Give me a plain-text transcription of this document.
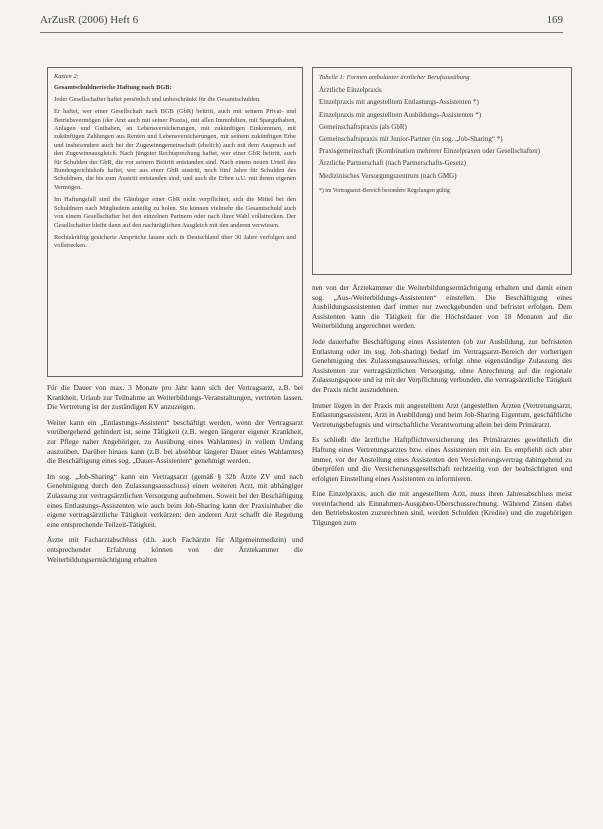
ArZusR (2006) Heft 6	169
Kasten 2:
Gesamtschuldnerische Haftung nach BGB:

Jeder Gesellschafter haftet persönlich und unbeschränkt für die Gesamtschulden.

Er haftet, wer einer Gesellschaft nach BGB (GbR) beitritt, auch mit seinem Privat- und Betriebsvermögen (der Arzt auch mit seiner Praxis), mit allen Immobilien, mit Sparguthaben, Anlagen und Guthaben, an Lebensversicherungen, mit zukünftigen Einkommen, mit zukünftigen Zahlungen aus Renten und Lebensversicherungen, mit seinem zukünftigen Erbe und insbesondere auch bei der Zugewinngemeinschaft (ehelich) auch mit dem Anspruch auf den Zugewinnausgleich. Nach jüngster Rechtsprechung haftet, wer einer GbR beitritt, auch für Schulden der GbR, die vor seinem Beitritt entstanden sind. Nach einem neuen Urteil des Bundesgerichtshofs haftet, wer aus einer GbR austritt, noch fünf Jahre für Schulden des Schuldners, die bis zum Austritt entstanden sind, und auch die Erben u.U. mit ihrem eigenen Vermögen.

Im Haftungsfall sind die Gläubiger einer GbR nicht verpflichtet, sich die Mittel bei den Schuldnern nach Mitgliedern anteilig zu holen. Sie können vielmehr die Gesamtschuld auch von einem Gesellschafter bei den einzelnen Partnern oder nach ihrer Wahl vollstrecken. Der Gesellschafter bleibt dann auf den nachträglichen Ausgleich mit den anderen verwiesen.

Rechtskräftig gesicherte Ansprüche lassen sich in Deutschland über 30 Jahre verfolgen und vollstrecken.

Tabelle 1: Formen ambulanter ärztlicher Berufsausübung
Ärztliche Einzelpraxis
Einzelpraxis mit angestelltem Entlastungs-Assistenten *)
Einzelpraxis mit angestelltem Ausbildungs-Assistenten *)
Gemeinschaftspraxis (als GbR)
Gemeinschaftspraxis mit Junior-Partner (in sog. „Job-Sharing“ *)
Praxisgemeinschaft (Kombination mehrerer Einzelpraxen oder Gesellschaften)
Ärztliche Partnerschaft (nach Partnerschafts-Gesetz)
Medizinisches Versorgungszentrum (nach GMG)
*) im Vertragsarzt-Bereich besondere Regelungen gültig

Für die Dauer von max. 3 Monate pro Jahr kann sich der Vertragsarzt, z.B. bei Krankheit, Urlaub zur Teilnahme an Weiterbildungs-Veranstaltungen, vertreten lassen. Die Vertretung ist der zuständigen KV anzuzeigen.

Weiter kann ein „Entlastungs-Assistent“ beschäftigt werden, wenn der Vertragsarzt vorübergehend gehindert ist, seine Tätigkeit (z.B. wegen längerer eigener Krankheit, zur Pflege naher Angehöriger, zu Ausübung eines Wahlamtes) in vollem Umfang auszuüben. Darüber hinaus kann (z.B. bei absehbar längerer Dauer eines Wahlamtes) die Beschäftigung eines sog. „Dauer-Assistenten“ genehmigt werden.

Im sog. „Job-Sharing“ kann ein Vertragsarzt (gemäß § 32b Ärzte ZV und nach Genehmigung durch den Zulassungsausschuss) einen weiteren Arzt, mit abhängiger Zulassung zur vertragsärztlichen Versorgung aufnehmen. Soweit bei der Beschäftigung eines Entlastungs-Assistenten wie auch beim Job-Sharing kann der Praxisinhaber die eigene vertragsärztliche Tätigkeit verkürzen; den anderen Arzt schafft die Regelung eine entsprechende Teilzeit-Tätigkeit.

Ärzte mit Facharztabschluss (d.h. auch Fachärzte für Allgemeinmedizin) und entsprechender Erfahrung können von der Ärztekammer die Weiterbildungsermächtigung erhalten

nen von der Ärztekammer die Weiterbildungsermächtigung erhalten und damit einen sog. „Aus-/Weiterbildungs-Assistenten“ einstellen. Die Beschäftigung eines Ausbildungsassistenten darf immer nur zweckgebunden und befristet erfolgen. Dem Assistenten kann die Tätigkeit für die Höchstdauer von 18 Monaten auf die Weiterbildung angerechnet werden.

Jede dauerhafte Beschäftigung eines Assistenten (ob zur Ausbildung, zur befristeten Entlastung oder im sog. Job-sharing) bedarf im Vertragsarzt-Bereich der vorherigen Genehmigung des Zulassungsausschusses, erfolgt ohne eigenständige Zulassung des Assistenten zur vertragsärztlichen Versorgung, ohne Anrechnung auf die regionale Zulassungsquote und ist mit der Verpflichtung verbunden, die vertragsärztliche Tätigkeit der Praxis nicht auszudehnen.

Immer liegen in der Praxis mit angestelltem Arzt (angestellten Ärzten (Vertretungsarzt, Entlastungsassistent, Arzt in Ausbildung) und beim Job-Sharing Eigentum, geschäftliche Vertretungsbefugnis und wirtschaftliche Verantwortung allein bei dem Primärarzt.

Es schließt die ärztliche Haftpflichtversicherung des Primärarztes gewöhnlich die Haftung eines Vertretungsarztes bzw. eines Assistenten mit ein. Es empfiehlt sich aber immer, vor der Anstellung eines Assistenten den Versicherungsvertrag dahingehend zu überprüfen und die Versicherungsgesellschaft rechtzeitig von der beabsichtigten und erfolgten Einstellung eines Assistenten zu informieren.

Eine Einzelpraxis, auch die mit angestelltem Arzt, muss ihren Jahresabschluss meist vereinfachend als Einnahmen-Ausgaben-Überschussrechnung. Während Zinsen dabei den Betriebskosten zuzurechnen sind, werden Schulden (Kredite) und die zugehörigen Tilgungen zum
